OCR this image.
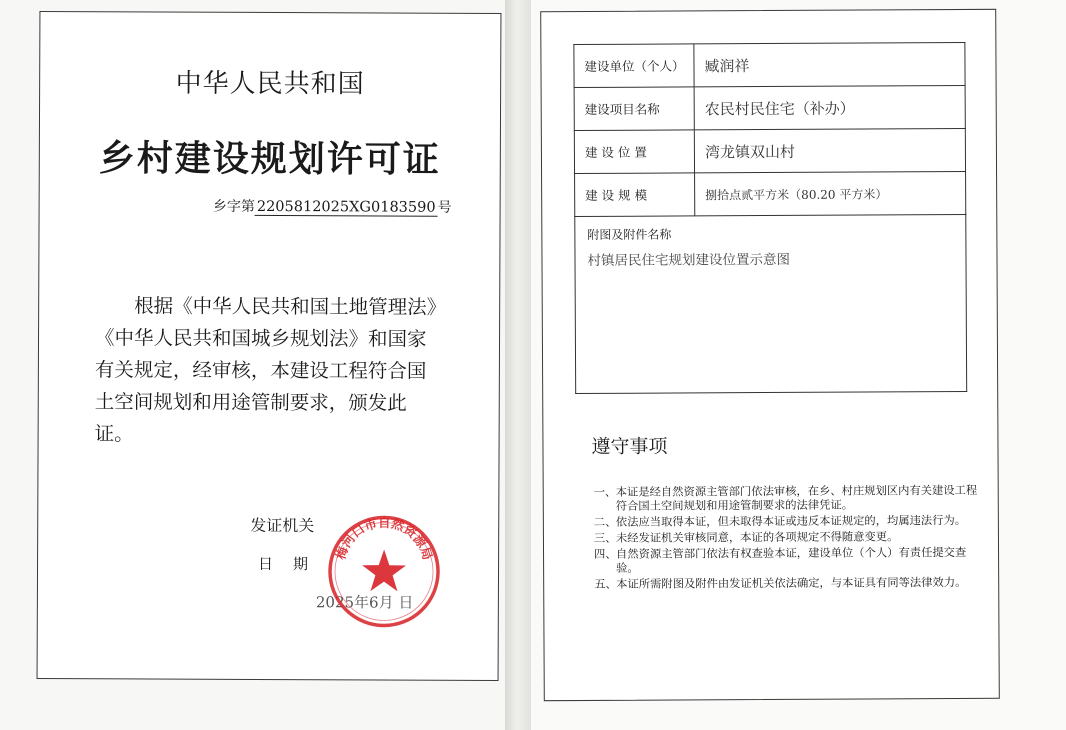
中华人民共和国
乡村建设规划许可证
乡字第 2205812025XG0183590 号

根据《中华人民共和国土地管理法》《中华人民共和国城乡规划法》和国家有关规定，经审核，本建设工程符合国土空间规划和用途管制要求，颁发此证。

发证机关
日期
2025年6月 日
梅河口市自然资源局
建设单位（个人）	臧润祥
建设项目名称	农民村民住宅（补办）
建 设 位 置	湾龙镇双山村
建 设 规 模	捌拾点贰平方米（80.20 平方米）
附图及附件名称
村镇居民住宅规划建设位置示意图
遵守事项
一、 本证是经自然资源主管部门依法审核，在乡、村庄规划区内有关建设工程符合国土空间规划和用途管制要求的法律凭证。
二、 依法应当取得本证，但未取得本证或违反本证规定的，均属违法行为。
三、 未经发证机关审核同意，本证的各项规定不得随意变更。
四、 自然资源主管部门依法有权查验本证，建设单位（个人）有责任提交查验。
五、 本证所需附图及附件由发证机关依法确定，与本证具有同等法律效力。
